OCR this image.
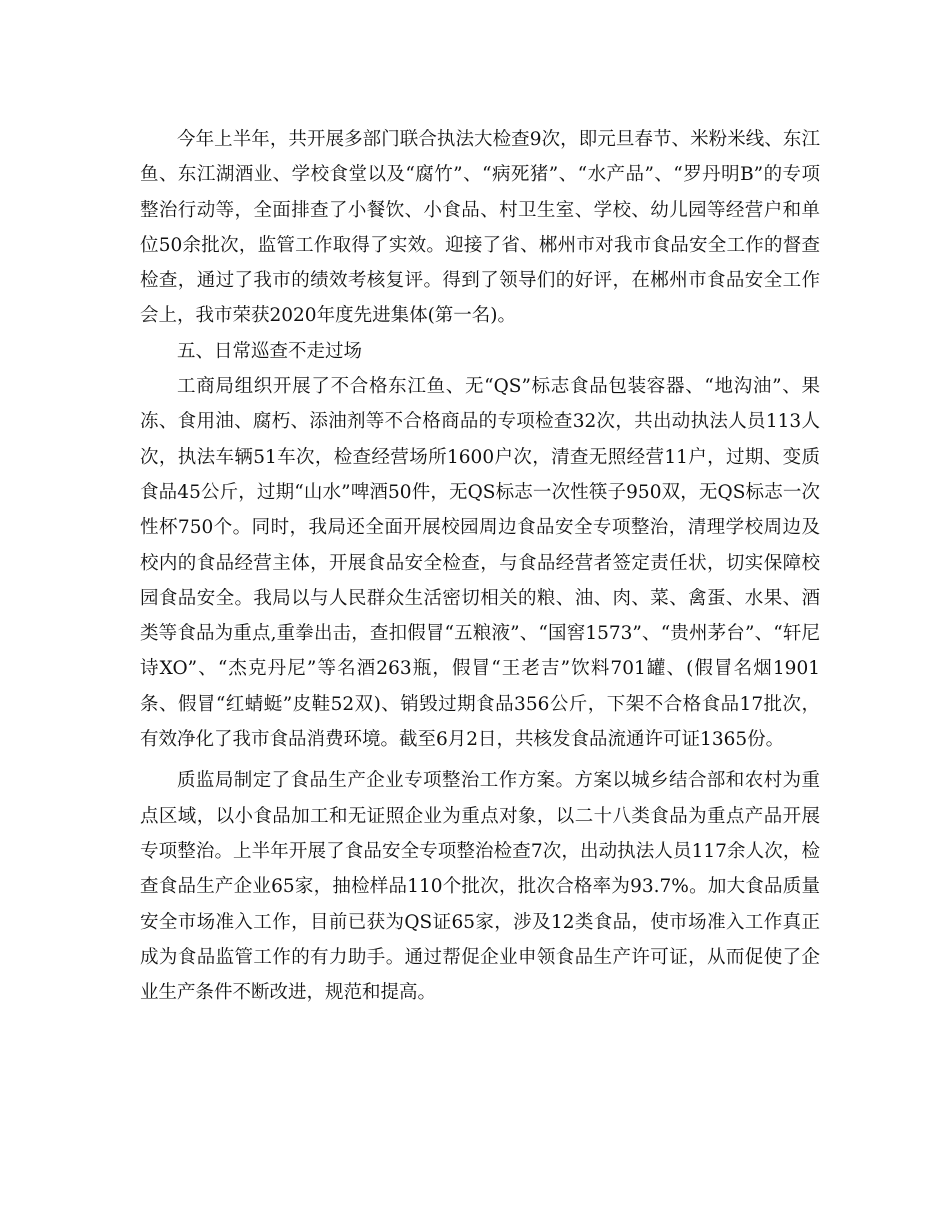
今年上半年，共开展多部门联合执法大检查9次，即元旦春节、米粉米线、东江鱼、东江湖酒业、学校食堂以及“腐竹”、“病死猪”、“水产品”、“罗丹明B”的专项整治行动等，全面排查了小餐饮、小食品、村卫生室、学校、幼儿园等经营户和单位50余批次，监管工作取得了实效。迎接了省、郴州市对我市食品安全工作的督查检查，通过了我市的绩效考核复评。得到了领导们的好评，在郴州市食品安全工作会上，我市荣获2020年度先进集体(第一名)。

五、日常巡查不走过场

工商局组织开展了不合格东江鱼、无“QS”标志食品包装容器、“地沟油”、果冻、食用油、腐朽、添油剂等不合格商品的专项检查32次，共出动执法人员113人次，执法车辆51车次，检查经营场所1600户次，清查无照经营11户，过期、变质食品45公斤，过期“山水”啤酒50件，无QS标志一次性筷子950双，无QS标志一次性杯750个。同时，我局还全面开展校园周边食品安全专项整治，清理学校周边及校内的食品经营主体，开展食品安全检查，与食品经营者签定责任状，切实保障校园食品安全。我局以与人民群众生活密切相关的粮、油、肉、菜、禽蛋、水果、酒类等食品为重点,重拳出击，查扣假冒“五粮液”、“国窖1573”、“贵州茅台”、“轩尼诗XO”、“杰克丹尼”等名酒263瓶，假冒“王老吉”饮料701罐、(假冒名烟1901条、假冒“红蜻蜓”皮鞋52双)、销毁过期食品356公斤，下架不合格食品17批次，有效净化了我市食品消费环境。截至6月2日，共核发食品流通许可证1365份。

质监局制定了食品生产企业专项整治工作方案。方案以城乡结合部和农村为重点区域，以小食品加工和无证照企业为重点对象，以二十八类食品为重点产品开展专项整治。上半年开展了食品安全专项整治检查7次，出动执法人员117余人次，检查食品生产企业65家，抽检样品110个批次，批次合格率为93.7%。加大食品质量安全市场准入工作，目前已获为QS证65家，涉及12类食品，使市场准入工作真正成为食品监管工作的有力助手。通过帮促企业申领食品生产许可证，从而促使了企业生产条件不断改进，规范和提高。
